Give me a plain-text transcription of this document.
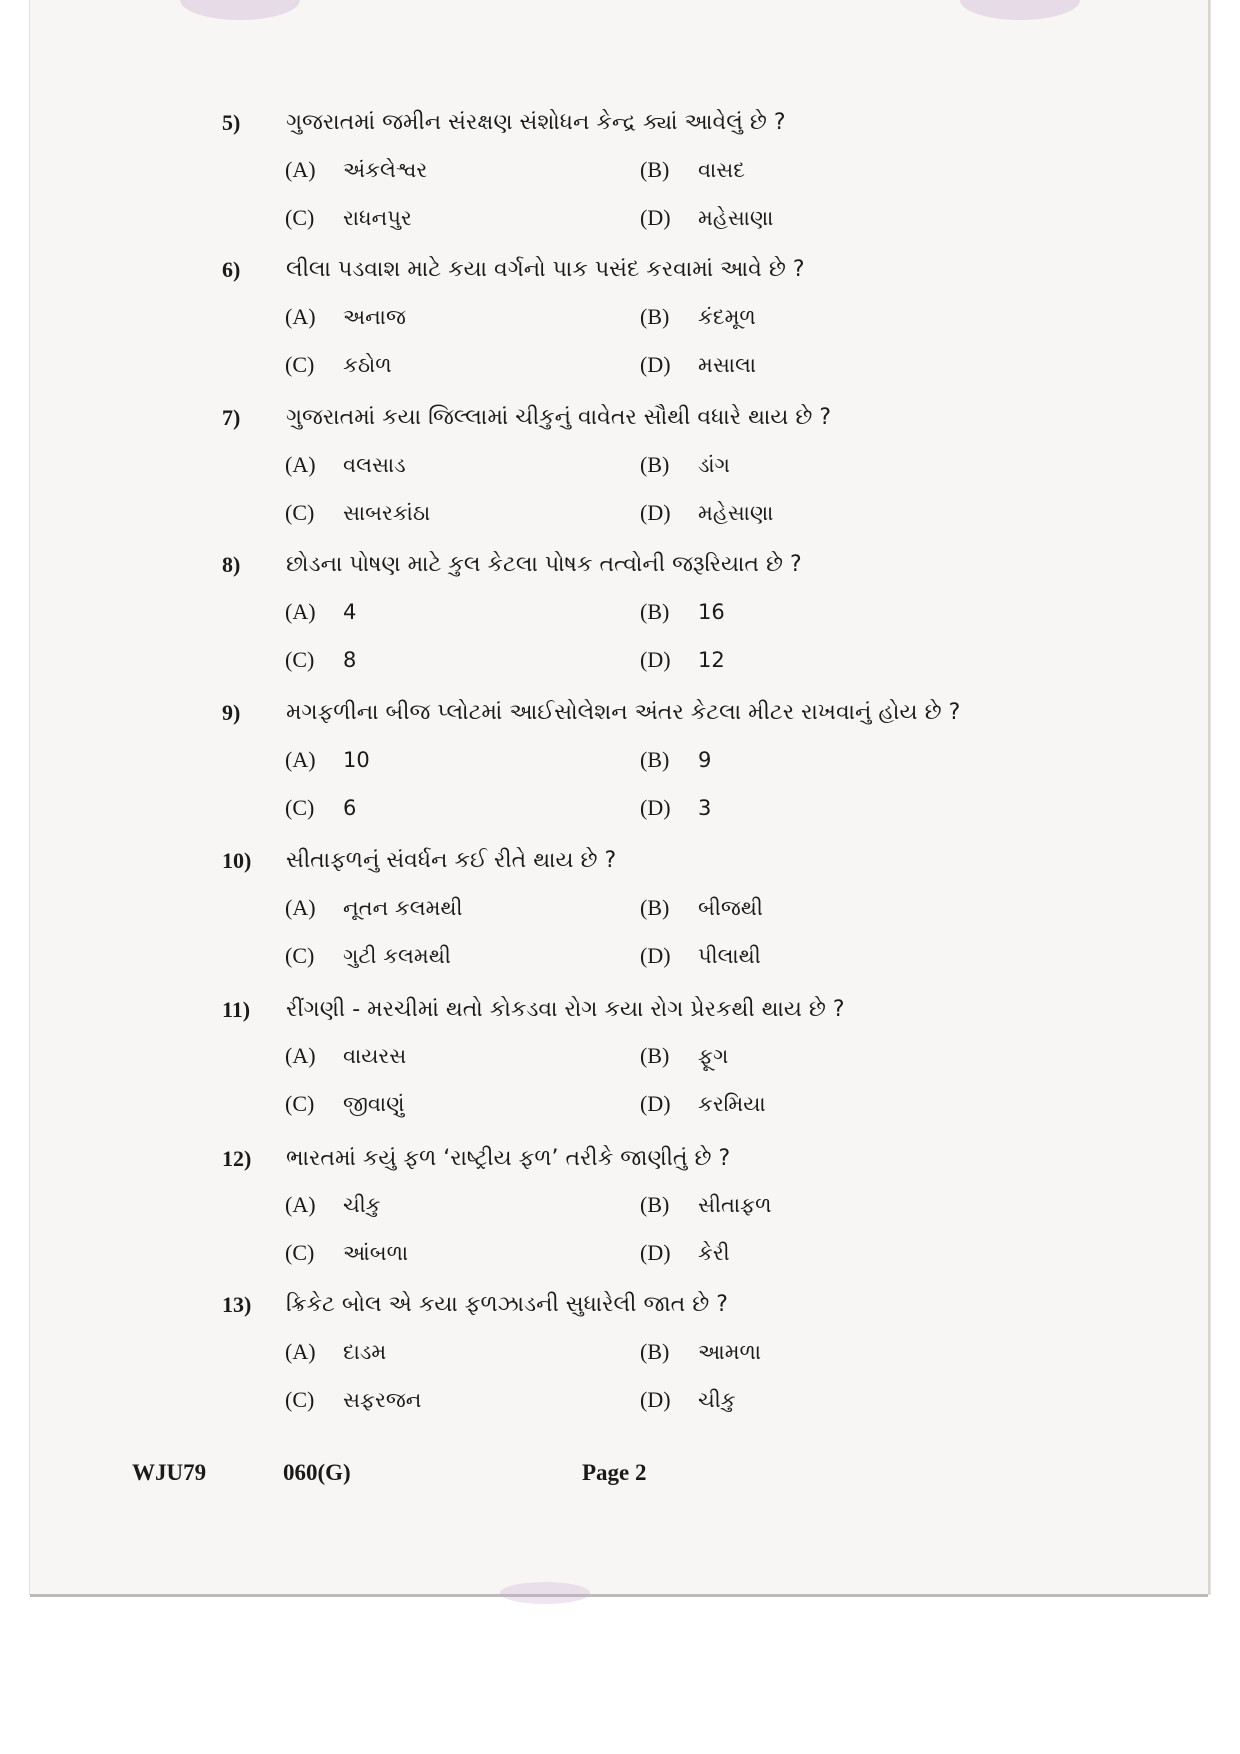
5)	ગુજરાતમાં જમીન સંરક્ષણ સંશોધન કેન્દ્ર ક્યાં આવેલું છે ?
(A) અંકલેશ્વર	(B) વાસદ
(C) રાધનપુર	(D) મહેસાણા
6)	લીલા પડવાશ માટે કયા વર્ગનો પાક પસંદ કરવામાં આવે છે ?
(A) અનાજ	(B) કંદમૂળ
(C) કઠોળ	(D) મસાલા
7)	ગુજરાતમાં કયા જિલ્લામાં ચીકુનું વાવેતર સૌથી વધારે થાય છે ?
(A) વલસાડ	(B) ડાંગ
(C) સાબરકાંઠા	(D) મહેસાણા
8)	છોડના પોષણ માટે કુલ કેટલા પોષક તત્વોની જરૂરિયાત છે ?
(A) 4	(B) 16
(C) 8	(D) 12
9)	મગફળીના બીજ પ્લોટમાં આઈસોલેશન અંતર કેટલા મીટર રાખવાનું હોય છે ?
(A) 10	(B) 9
(C) 6	(D) 3
10)	સીતાફળનું સંવર્ધન કઈ રીતે થાય છે ?
(A) નૂતન કલમથી	(B) બીજથી
(C) ગુટી કલમથી	(D) પીલાથી
11)	રીંગણી - મરચીમાં થતો કોકડવા રોગ કયા રોગ પ્રેરકથી થાય છે ?
(A) વાયરસ	(B) ફૂગ
(C) જીવાણું	(D) કરમિયા
12)	ભારતમાં કયું ફળ ‘રાષ્ટ્રીય ફળ’ તરીકે જાણીતું છે ?
(A) ચીકુ	(B) સીતાફળ
(C) આંબળા	(D) કેરી
13)	ક્રિકેટ બોલ એ કયા ફળઝાડની સુધારેલી જાત છે ?
(A) દાડમ	(B) આમળા
(C) સફરજન	(D) ચીકુ
WJU79	060(G)	Page 2
